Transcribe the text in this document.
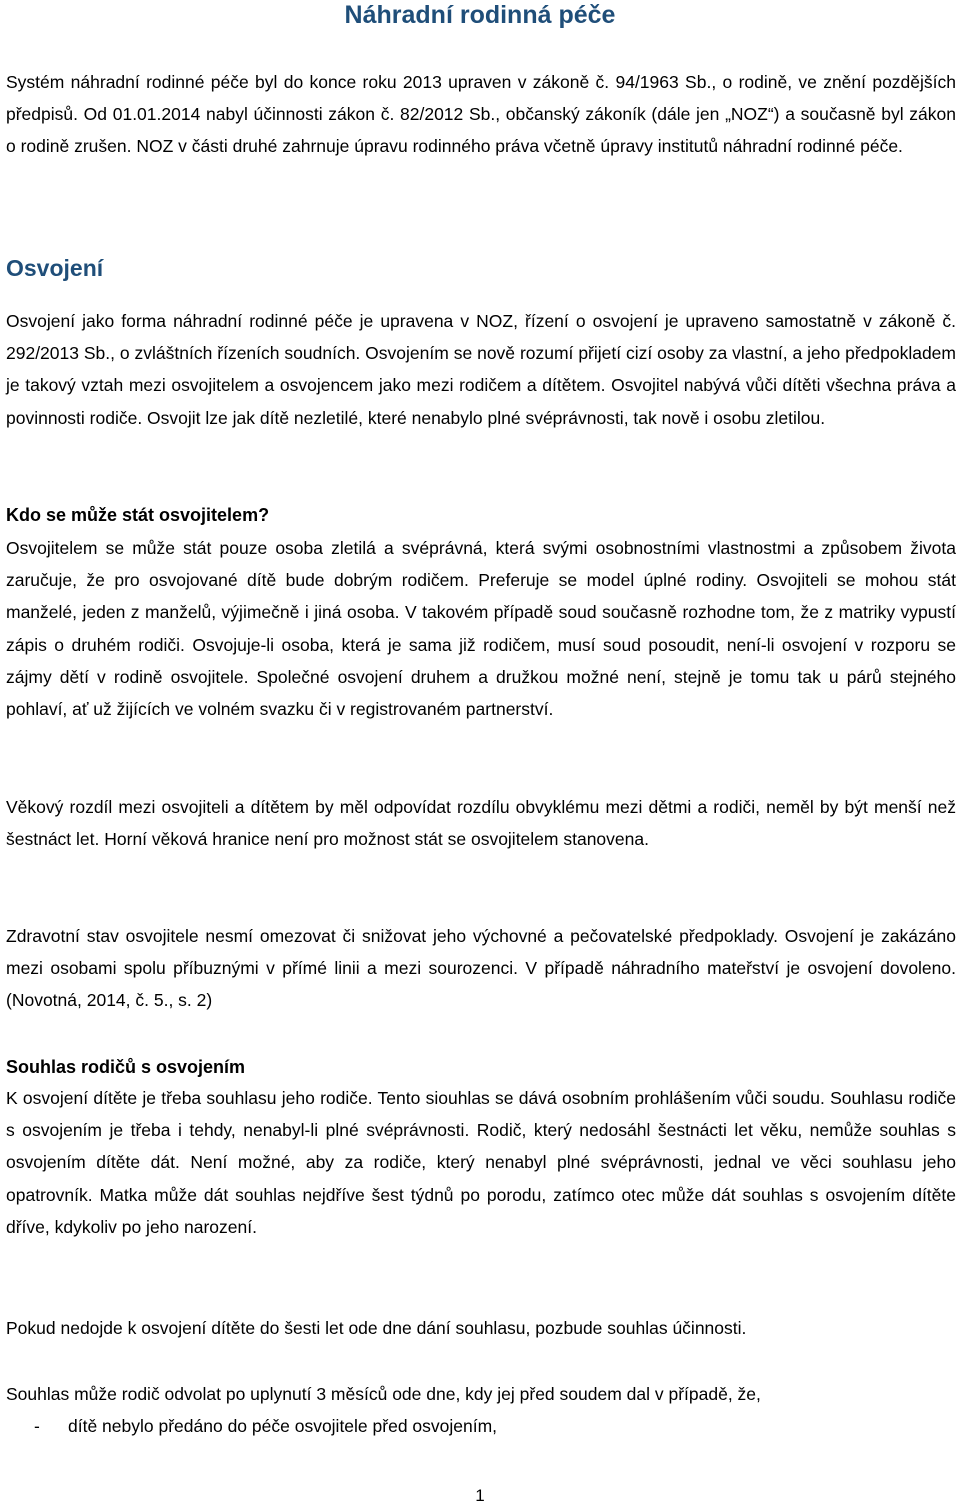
Náhradní rodinná péče

Systém náhradní rodinné péče byl do konce roku 2013 upraven v zákoně č. 94/1963 Sb., o rodině, ve znění pozdějších předpisů. Od 01.01.2014 nabyl účinnosti zákon č. 82/2012 Sb., občanský zákoník (dále jen „NOZ“) a současně byl zákon o rodině zrušen. NOZ v části druhé zahrnuje úpravu rodinného práva včetně úpravy institutů náhradní rodinné péče.

Osvojení

Osvojení jako forma náhradní rodinné péče je upravena v NOZ, řízení o osvojení je upraveno samostatně v zákoně č. 292/2013 Sb., o zvláštních řízeních soudních. Osvojením se nově rozumí přijetí cizí osoby za vlastní, a jeho předpokladem je takový vztah mezi osvojitelem a osvojencem jako mezi rodičem a dítětem. Osvojitel nabývá vůči dítěti všechna práva a povinnosti rodiče. Osvojit lze jak dítě nezletilé, které nenabylo plné svéprávnosti, tak nově i osobu zletilou.

Kdo se může stát osvojitelem?

Osvojitelem se může stát pouze osoba zletilá a svéprávná, která svými osobnostními vlastnostmi a způsobem života zaručuje, že pro osvojované dítě bude dobrým rodičem. Preferuje se model úplné rodiny. Osvojiteli se mohou stát manželé, jeden z manželů, výjimečně i jiná osoba. V takovém případě soud současně rozhodne tom, že z matriky vypustí zápis o druhém rodiči. Osvojuje-li osoba, která je sama již rodičem, musí soud posoudit, není-li osvojení v rozporu se zájmy dětí v rodině osvojitele. Společné osvojení druhem a družkou možné není, stejně je tomu tak u párů stejného pohlaví, ať už žijících ve volném svazku či v registrovaném partnerství.

Věkový rozdíl mezi osvojiteli a dítětem by měl odpovídat rozdílu obvyklému mezi dětmi a rodiči, neměl by být menší než šestnáct let. Horní věková hranice není pro možnost stát se osvojitelem stanovena.

Zdravotní stav osvojitele nesmí omezovat či snižovat jeho výchovné a pečovatelské předpoklady. Osvojení je zakázáno mezi osobami spolu příbuznými v přímé linii a mezi sourozenci. V případě náhradního mateřství je osvojení dovoleno. (Novotná, 2014, č. 5., s. 2)

Souhlas rodičů s osvojením

K osvojení dítěte je třeba souhlasu jeho rodiče. Tento siouhlas se dává osobním prohlášením vůči soudu. Souhlasu rodiče s osvojením je třeba i tehdy, nenabyl-li plné svéprávnosti. Rodič, který nedosáhl šestnácti let věku, nemůže souhlas s osvojením dítěte dát. Není možné, aby za rodiče, který nenabyl plné svéprávnosti, jednal ve věci souhlasu jeho opatrovník. Matka může dát souhlas nejdříve šest týdnů po porodu, zatímco otec může dát souhlas s osvojením dítěte dříve, kdykoliv po jeho narození.

Pokud nedojde k osvojení dítěte do šesti let ode dne dání souhlasu, pozbude souhlas účinnosti.

Souhlas může rodič odvolat po uplynutí 3 měsíců ode dne, kdy jej před soudem dal v případě, že,

- dítě nebylo předáno do péče osvojitele před osvojením,
1
